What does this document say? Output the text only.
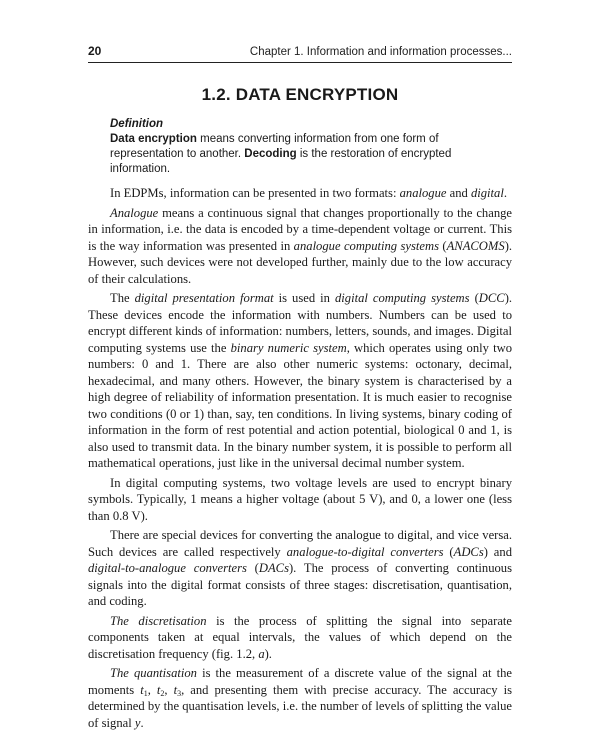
20	Chapter 1. Information and information processes...
1.2. DATA ENCRYPTION
Definition
Data encryption means converting information from one form of representation to another. Decoding is the restoration of encrypted information.

In EDPMs, information can be presented in two formats: analogue and digital.

Analogue means a continuous signal that changes proportionally to the change in information, i.e. the data is encoded by a time-dependent voltage or current. This is the way information was presented in analogue computing systems (ANACOMS). However, such devices were not developed further, mainly due to the low accuracy of their calculations.

The digital presentation format is used in digital computing systems (DCC). These devices encode the information with numbers. Numbers can be used to encrypt different kinds of information: numbers, letters, sounds, and images. Digital computing systems use the binary numeric system, which operates using only two numbers: 0 and 1. There are also other numeric systems: octonary, decimal, hexadecimal, and many others. However, the binary system is characterised by a high degree of reliability of information presentation. It is much easier to recognise two conditions (0 or 1) than, say, ten conditions. In living systems, binary coding of information in the form of rest potential and action potential, biological 0 and 1, is also used to transmit data. In the binary number system, it is possible to perform all mathematical operations, just like in the universal decimal number system.

In digital computing systems, two voltage levels are used to encrypt binary symbols. Typically, 1 means a higher voltage (about 5 V), and 0, a lower one (less than 0.8 V).

There are special devices for converting the analogue to digital, and vice versa. Such devices are called respectively analogue-to-digital converters (ADCs) and digital-to-analogue converters (DACs). The process of converting continuous signals into the digital format consists of three stages: discretisation, quantisation, and coding.

The discretisation is the process of splitting the signal into separate components taken at equal intervals, the values of which depend on the discretisation frequency (fig. 1.2, a).

The quantisation is the measurement of a discrete value of the signal at the moments $t_1$, $t_2$, $t_3$, and presenting them with precise accuracy. The accuracy is determined by the quantisation levels, i.e. the number of levels of splitting the value of signal y.
